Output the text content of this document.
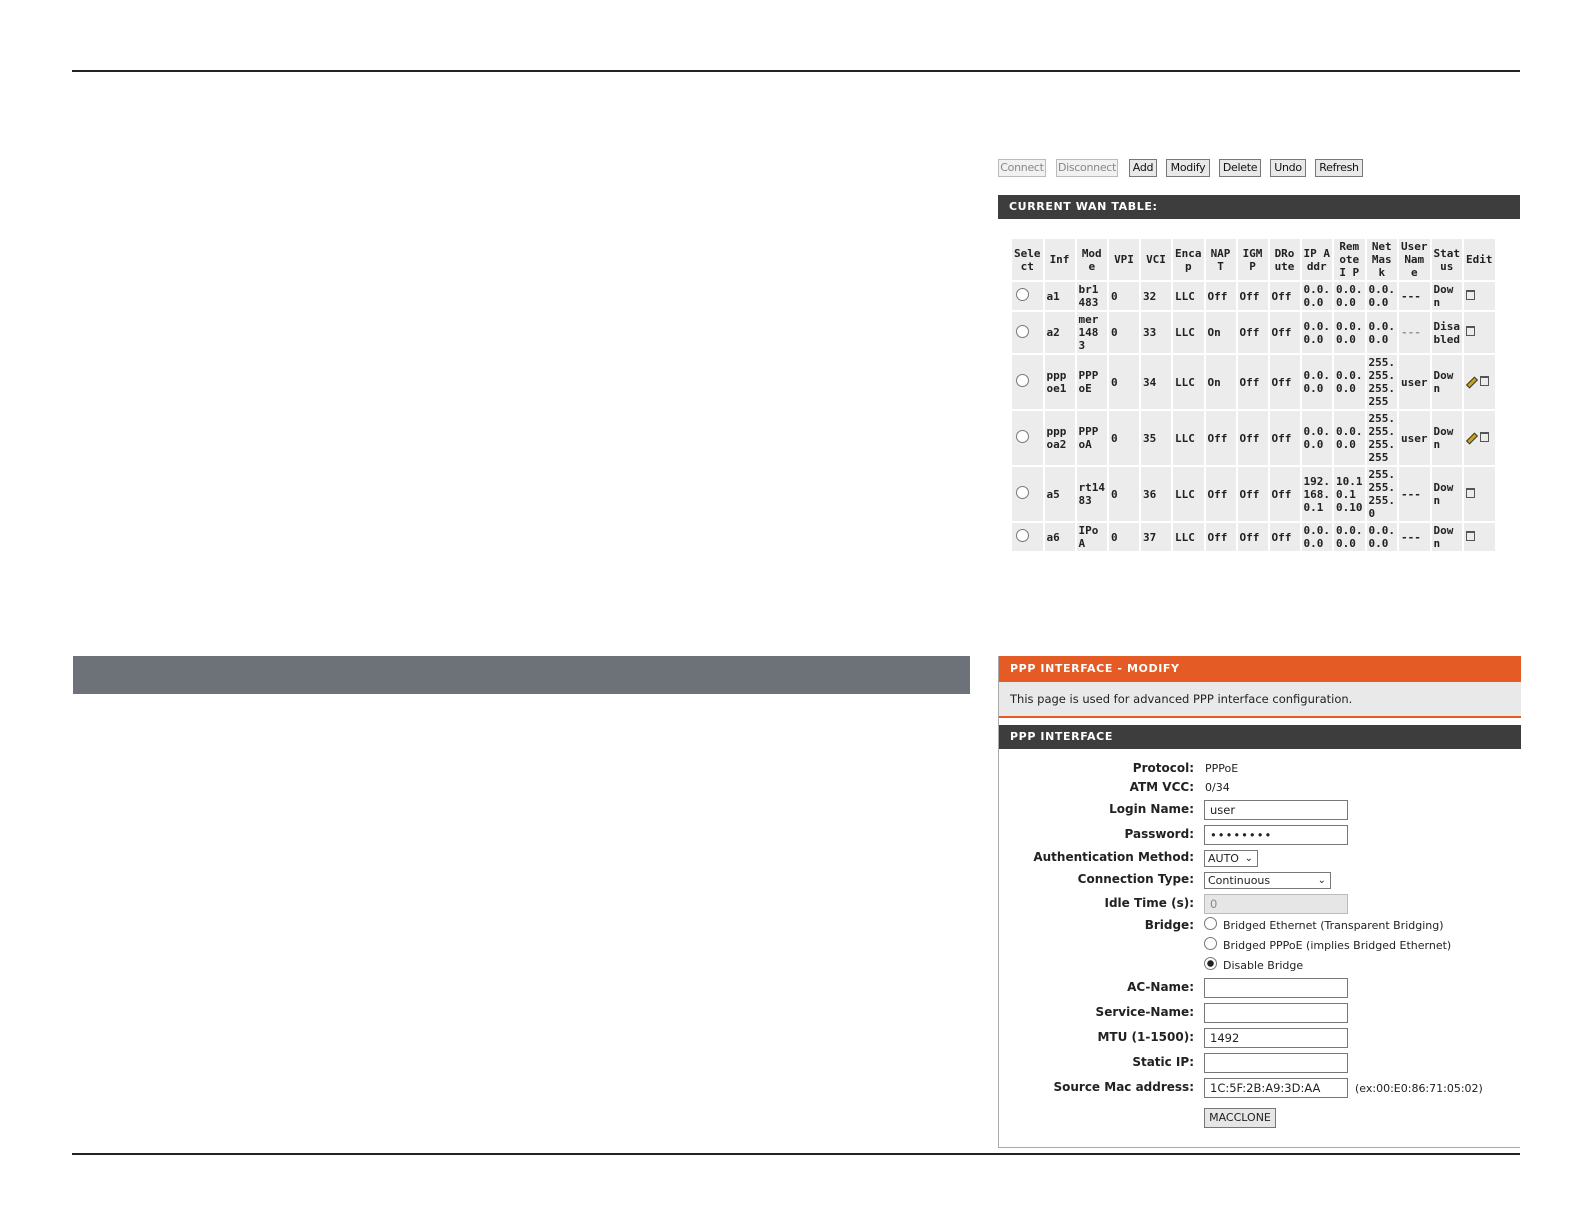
Connect Disconnect	Add	Modify	Delete	Undo	Refresh
CURRENT WAN TABLE:
Sele ct	Inf	Mod e	VPI	VCI	Enca p	NAP T	IGM P	DRo ute	IP A ddr	Rem ote I P	Net Mas k	User Nam e	Stat us	Edit
	a1	br1 483	0	32	LLC	Off	Off	Off	0.0. 0.0	0.0. 0.0	0.0. 0.0	---	Dow n	
	a2	mer 148 3	0	33	LLC	On	Off	Off	0.0. 0.0	0.0. 0.0	0.0. 0.0	---	Disa bled	
	ppp oe1	PPP oE	0	34	LLC	On	Off	Off	0.0. 0.0	0.0. 0.0	255. 255. 255. 255	user	Dow n	
	ppp oa2	PPP oA	0	35	LLC	Off	Off	Off	0.0. 0.0	0.0. 0.0	255. 255. 255. 255	user	Dow n	
	a5	rt14 83	0	36	LLC	Off	Off	Off	192. 168. 0.1	10.1 0.1 0.10	255. 255. 255. 0	---	Dow n	
	a6	IPo A	0	37	LLC	Off	Off	Off	0.0. 0.0	0.0. 0.0	0.0. 0.0	---	Dow n	
PPP INTERFACE - MODIFY
This page is used for advanced PPP interface configuration.
PPP INTERFACE
Protocol: PPPoE
ATM VCC: 0/34
Login Name:	user
Password:	••••••••
Authentication Method:	AUTO ⌄
Connection Type:	Continuous	⌄
Idle Time (s):	0
Bridge:	Bridged Ethernet (Transparent Bridging)
Bridged PPPoE (implies Bridged Ethernet)
Disable Bridge
AC-Name:
Service-Name:
MTU (1-1500):	1492
Static IP:
Source Mac address:	1C:5F:2B:A9:3D:AA	(ex:00:E0:86:71:05:02)
MACCLONE
